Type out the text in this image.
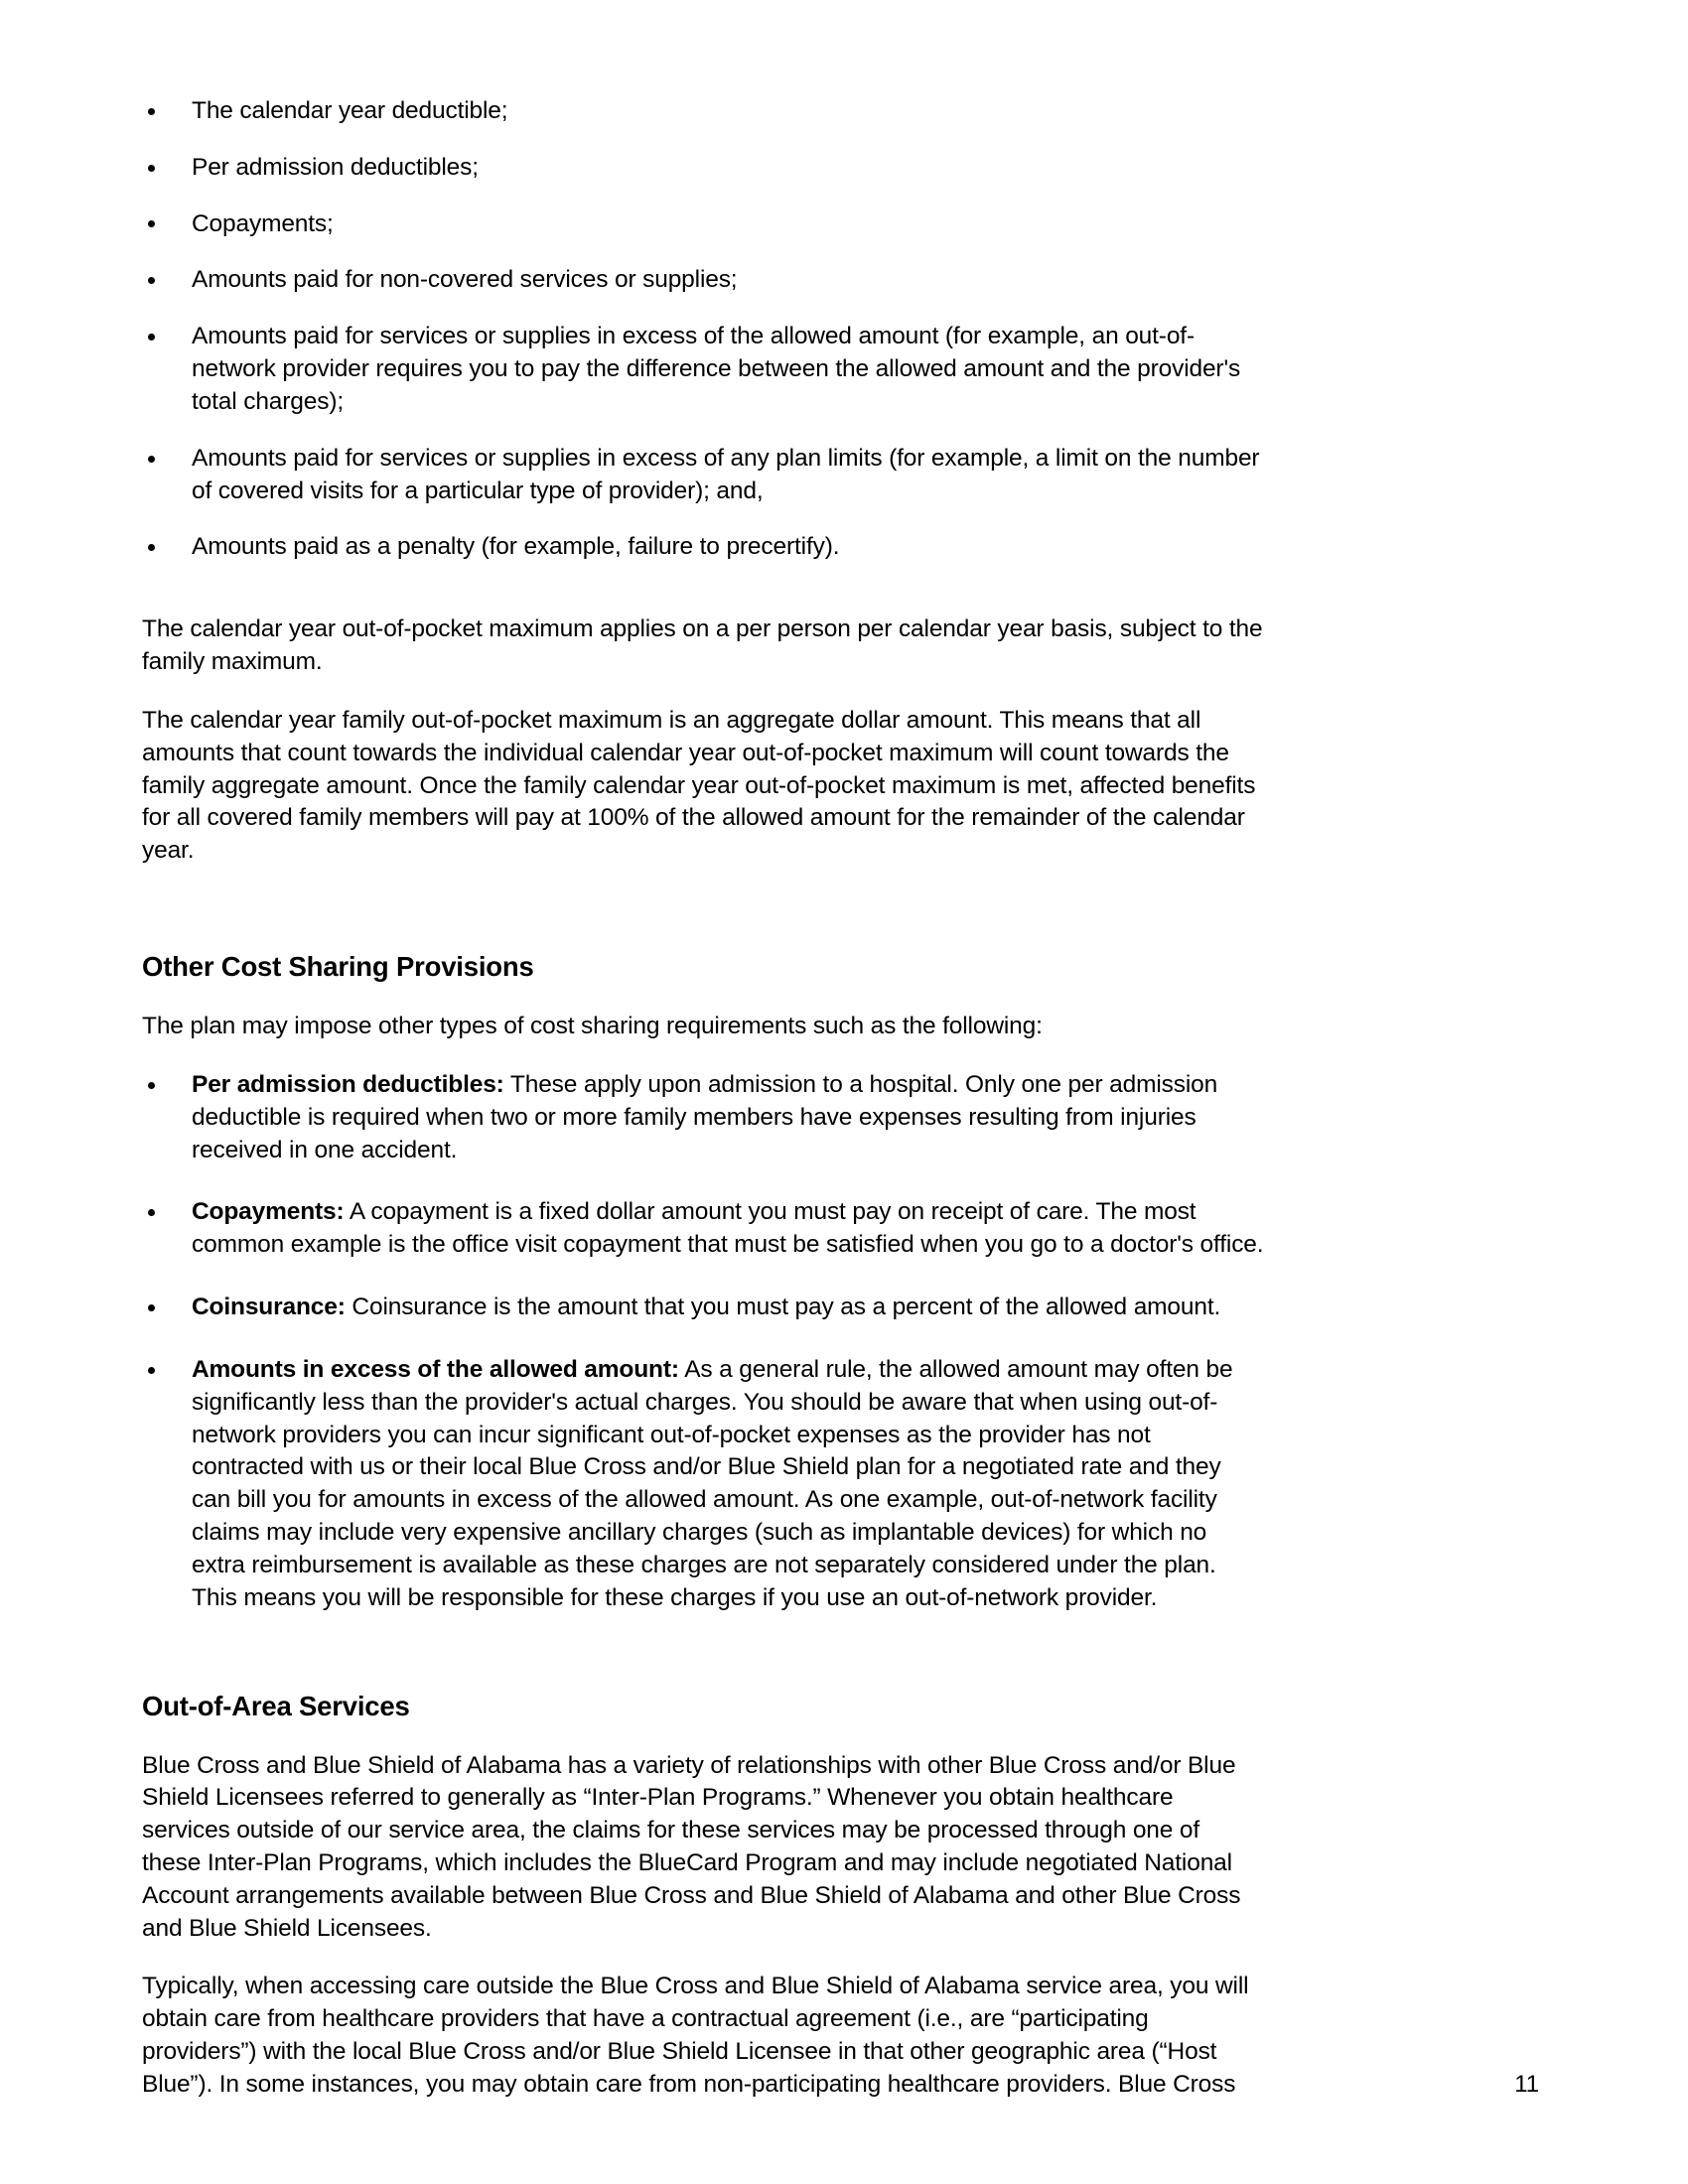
The calendar year deductible;
Per admission deductibles;
Copayments;
Amounts paid for non-covered services or supplies;
Amounts paid for services or supplies in excess of the allowed amount (for example, an out-of-network provider requires you to pay the difference between the allowed amount and the provider's total charges);
Amounts paid for services or supplies in excess of any plan limits (for example, a limit on the number of covered visits for a particular type of provider); and,
Amounts paid as a penalty (for example, failure to precertify).

The calendar year out-of-pocket maximum applies on a per person per calendar year basis, subject to the family maximum.

The calendar year family out-of-pocket maximum is an aggregate dollar amount. This means that all amounts that count towards the individual calendar year out-of-pocket maximum will count towards the family aggregate amount. Once the family calendar year out-of-pocket maximum is met, affected benefits for all covered family members will pay at 100% of the allowed amount for the remainder of the calendar year.

Other Cost Sharing Provisions

The plan may impose other types of cost sharing requirements such as the following:

Per admission deductibles: These apply upon admission to a hospital. Only one per admission deductible is required when two or more family members have expenses resulting from injuries received in one accident.
Copayments: A copayment is a fixed dollar amount you must pay on receipt of care. The most common example is the office visit copayment that must be satisfied when you go to a doctor's office.
Coinsurance: Coinsurance is the amount that you must pay as a percent of the allowed amount.
Amounts in excess of the allowed amount: As a general rule, the allowed amount may often be significantly less than the provider's actual charges. You should be aware that when using out-of-network providers you can incur significant out-of-pocket expenses as the provider has not contracted with us or their local Blue Cross and/or Blue Shield plan for a negotiated rate and they can bill you for amounts in excess of the allowed amount. As one example, out-of-network facility claims may include very expensive ancillary charges (such as implantable devices) for which no extra reimbursement is available as these charges are not separately considered under the plan. This means you will be responsible for these charges if you use an out-of-network provider.
Out-of-Area Services

Blue Cross and Blue Shield of Alabama has a variety of relationships with other Blue Cross and/or Blue Shield Licensees referred to generally as “Inter-Plan Programs.” Whenever you obtain healthcare services outside of our service area, the claims for these services may be processed through one of these Inter-Plan Programs, which includes the BlueCard Program and may include negotiated National Account arrangements available between Blue Cross and Blue Shield of Alabama and other Blue Cross and Blue Shield Licensees.

Typically, when accessing care outside the Blue Cross and Blue Shield of Alabama service area, you will obtain care from healthcare providers that have a contractual agreement (i.e., are “participating providers”) with the local Blue Cross and/or Blue Shield Licensee in that other geographic area (“Host Blue”). In some instances, you may obtain care from non-participating healthcare providers. Blue Cross	11
